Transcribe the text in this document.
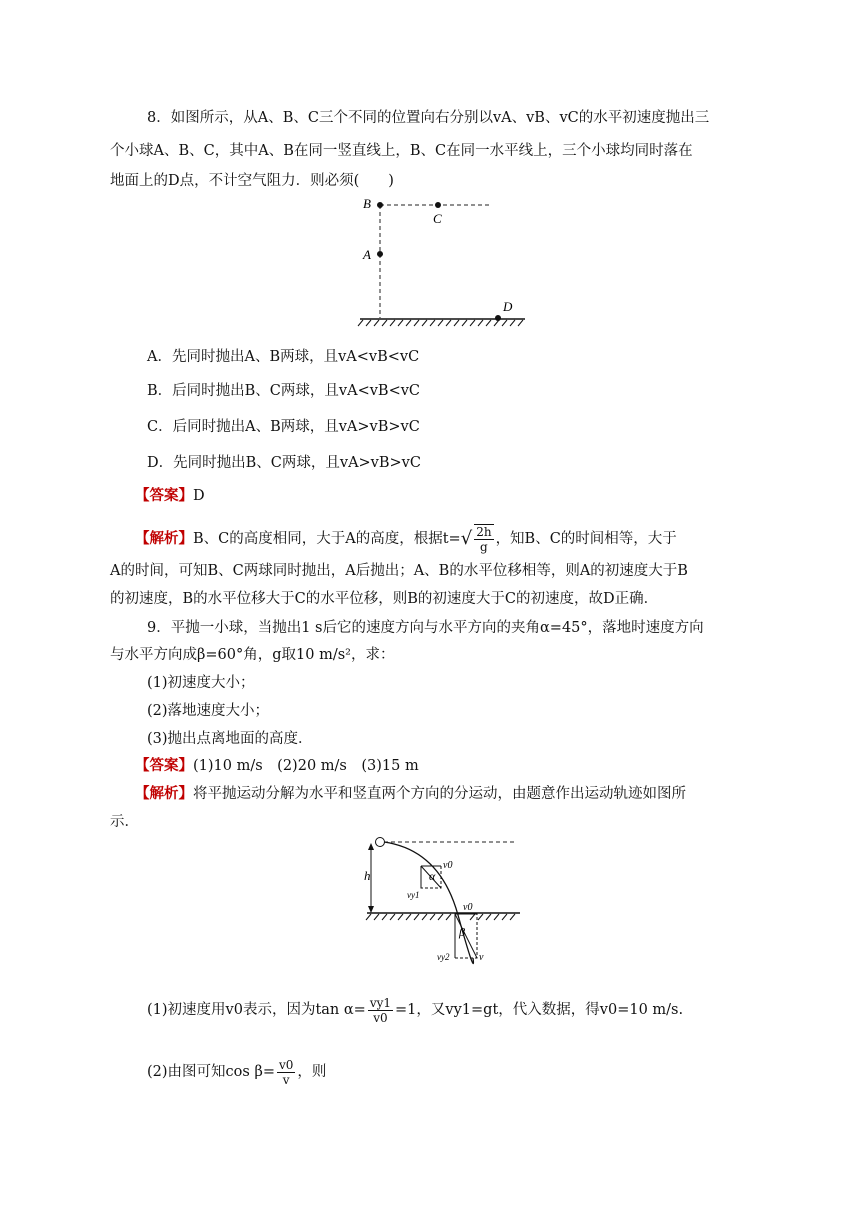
8．如图所示，从A、B、C三个不同的位置向右分别以vA、vB、vC的水平初速度抛出三
个小球A、B、C，其中A、B在同一竖直线上，B、C在同一水平线上，三个小球均同时落在
地面上的D点，不计空气阻力．则必须(　　)
B
C
A
D
A．先同时抛出A、B两球，且vA<vB<vC
B．后同时抛出B、C两球，且vA<vB<vC
C．后同时抛出A、B两球，且vA>vB>vC
D．先同时抛出B、C两球，且vA>vB>vC
【答案】D
【解析】B、C的高度相同，大于A的高度，根据$t=√ \frac{2h}{g}$ ，知B、C的时间相等，大于
A的时间，可知B、C两球同时抛出，A后抛出；A、B的水平位移相等，则A的初速度大于B
的初速度，B的水平位移大于C的水平位移，则B的初速度大于C的初速度，故D正确．
9．平抛一小球，当抛出1 s后它的速度方向与水平方向的夹角α=45°，落地时速度方向
与水平方向成β=60°角，g取10 m/s²，求：
(1)初速度大小；
(2)落地速度大小；
(3)抛出点离地面的高度．
【答案】(1)10 m/s　(2)20 m/s　(3)15 m
【解析】将平抛运动分解为水平和竖直两个方向的分运动，由题意作出运动轨迹如图所
示．
h
v0
α
vy1
v0
β
vy2	v
(1)初速度用v0表示，因为$\tan \alpha= \frac{vy1}{v0} =1$，又vy1=gt，代入数据，得v0=10 m/s.
(2)由图可知$\cos \beta= \frac{v0}{v}$ ，则
